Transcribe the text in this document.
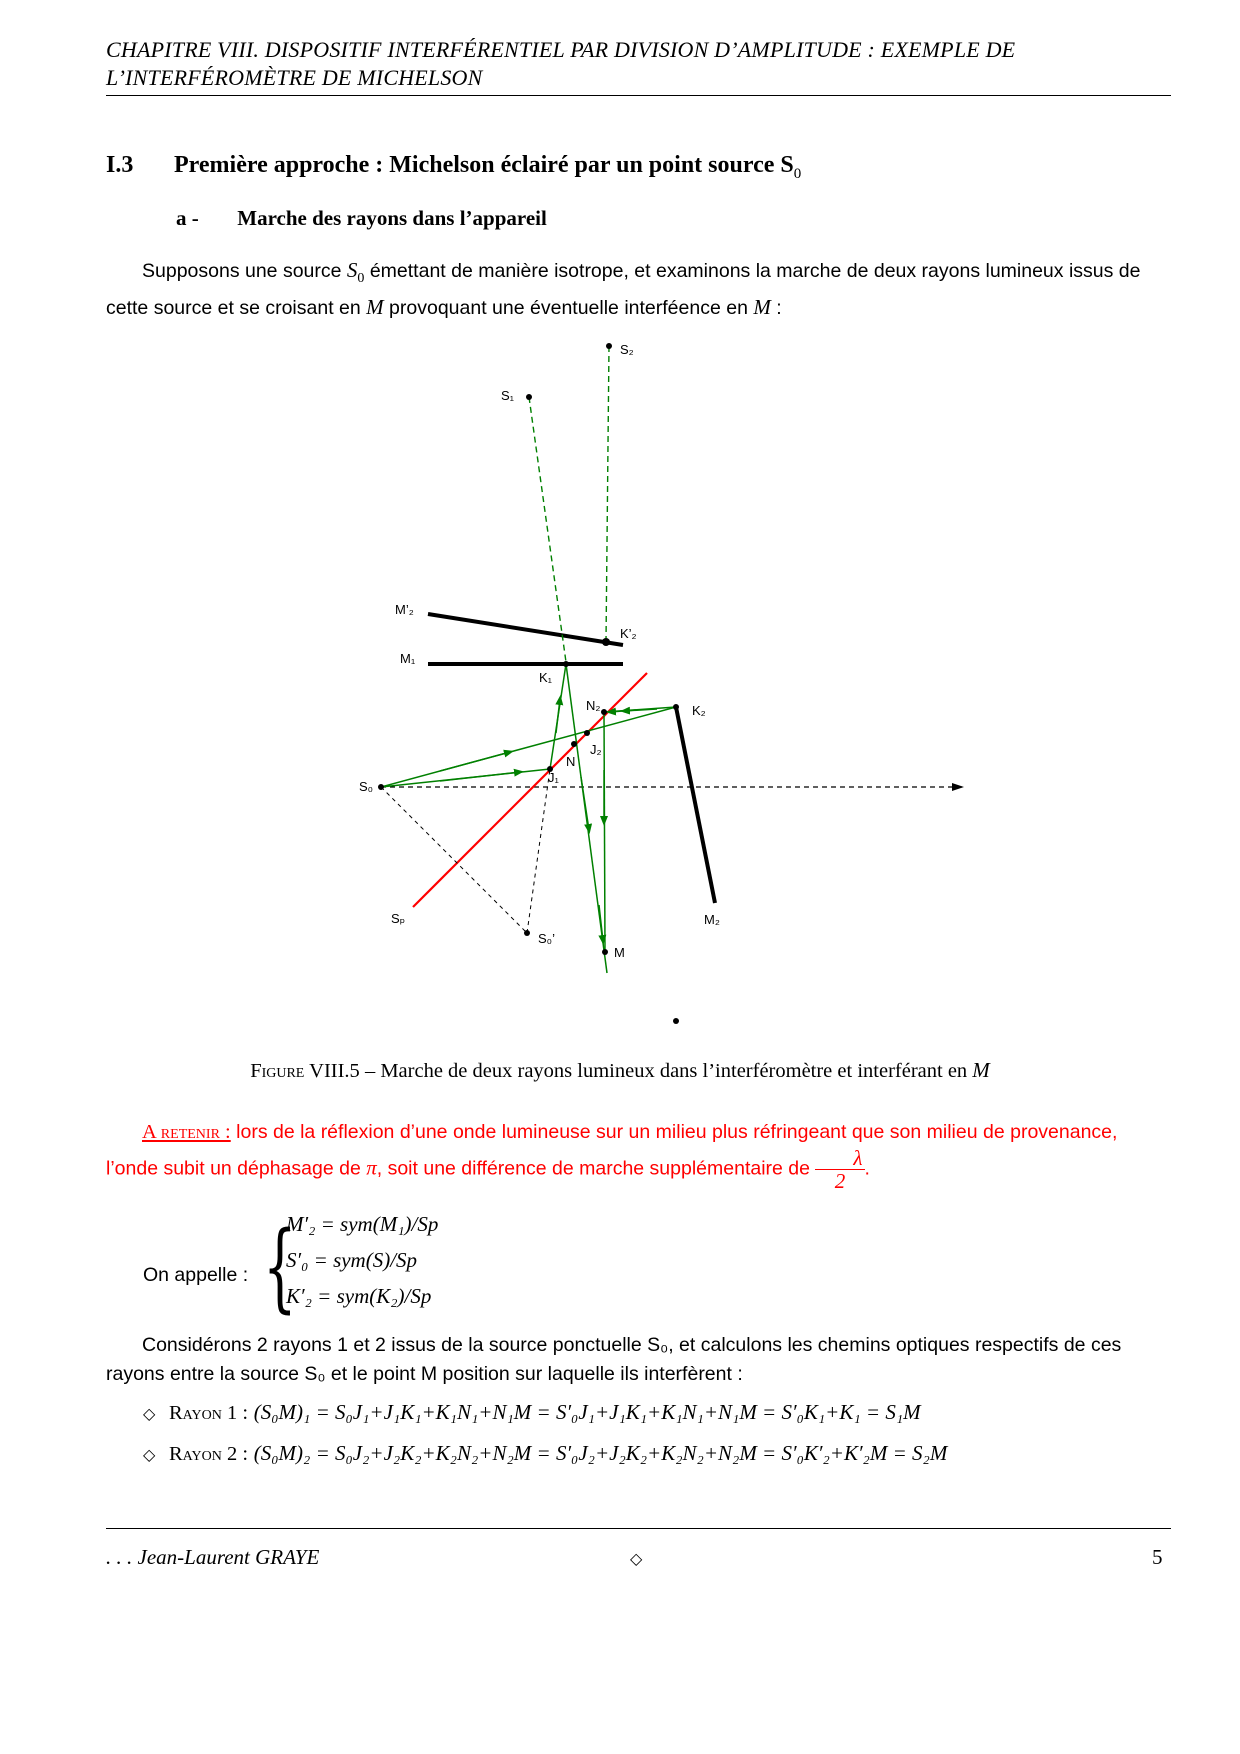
CHAPITRE VIII. DISPOSITIF INTERFÉRENTIEL PAR DIVISION D’AMPLITUDE : EXEMPLE DE
L’INTERFÉROMÈTRE DE MICHELSON
I.3 Première approche : Michelson éclairé par un point source $S_0$
a - Marche des rayons dans l’appareil
Supposons une source $S_0$ émettant de manière isotrope, et examinons la marche de deux rayons lumineux issus de cette source et se croisant en M provoquant une éventuelle interféence en M :
S₂
S₁
M’₂
K’₂
M₁
K₁
N₂	K₂
J₂
N
J₁
S₀
Sₚ
S₀’
M
M₂
Figure VIII.5 – Marche de deux rayons lumineux dans l’interféromètre et interférant en M
A retenir : lors de la réflexion d’une onde lumineuse sur un milieu plus réfringeant que son milieu de provenance, l’onde subit un déphasage de π, soit une différence de marche supplémentaire de $\frac{\lambda}{2}$.
On appelle : {
M′₂ = sym(M₁)/Sp
S′₀ = sym(S)/Sp
K′₂ = sym(K₂)/Sp
Considérons 2 rayons 1 et 2 issus de la source ponctuelle S₀, et calculons les chemins optiques respectifs de ces rayons entre la source S₀ et le point M position sur laquelle ils interfèrent :
◇ Rayon 1 : (S₀M)₁ = S₀J₁+J₁K₁+K₁N₁+N₁M = S′₀J₁+J₁K₁+K₁N₁+N₁M = S′₀K₁+K₁ = S₁M
◇ Rayon 2 : (S₀M)₂ = S₀J₂+J₂K₂+K₂N₂+N₂M = S′₀J₂+J₂K₂+K₂N₂+N₂M = S′₀K′₂+K′₂M = S₂M
. . . Jean-Laurent GRAYE	◇	5
